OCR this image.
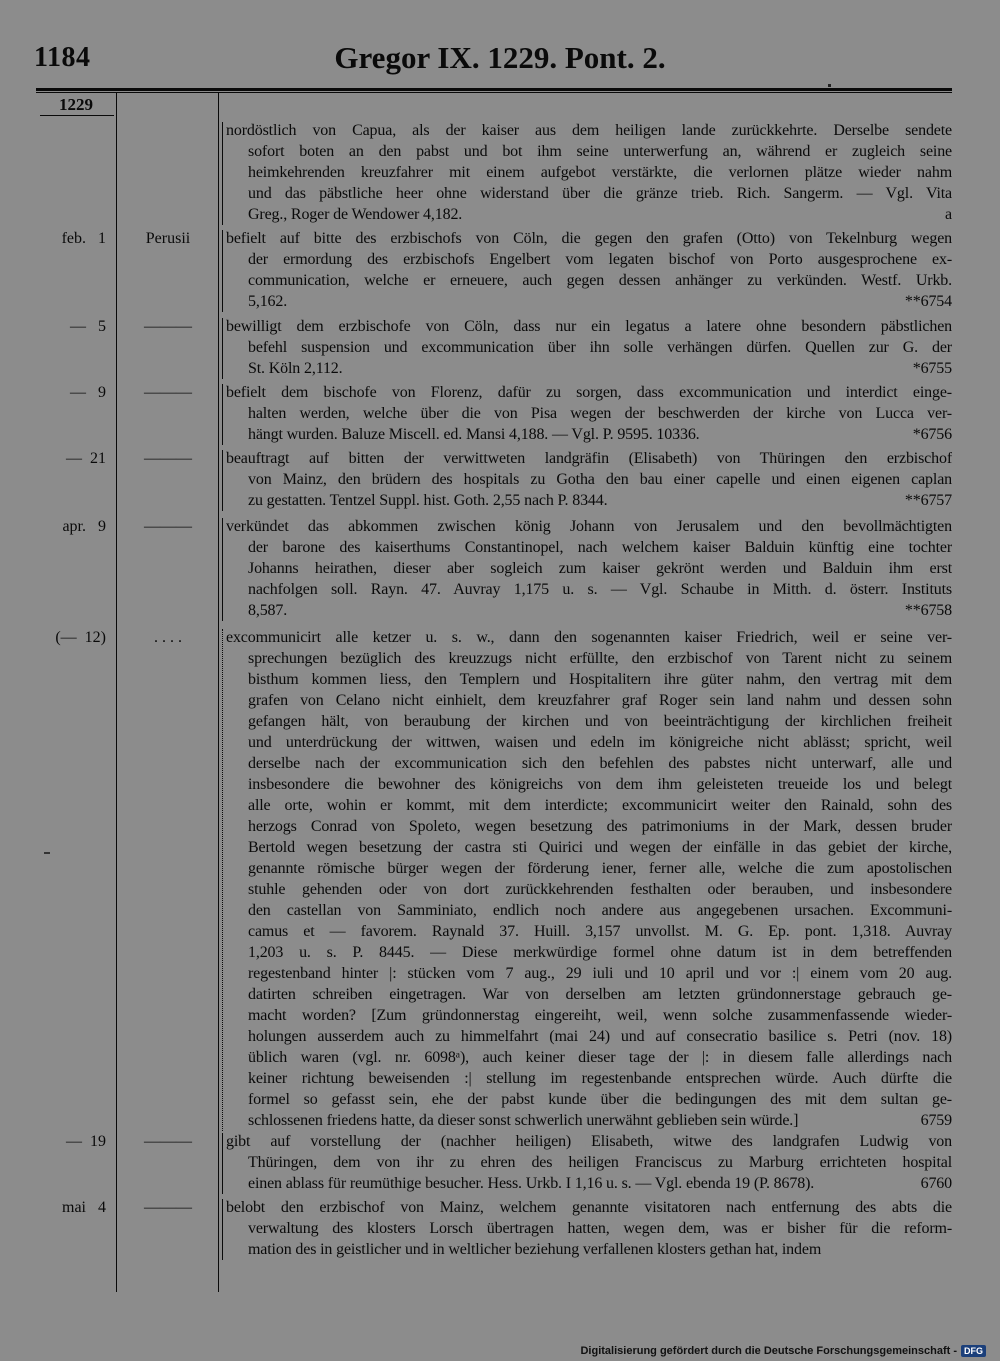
1184	Gregor IX. 1229. Pont. 2.
1229
nordöstlich von Capua, als der kaiser aus dem heiligen lande zurückkehrte. Derselbe sendete
sofort boten an den pabst und bot ihm seine unterwerfung an, während er zugleich seine
heimkehrenden kreuzfahrer mit einem aufgebot verstärkte, die verlornen plätze wieder nahm
und das päbstliche heer ohne widerstand über die gränze trieb. Rich. Sangerm. — Vgl. Vita
a
Greg., Roger de Wendower 4,182.
feb.   1	Perusii	befielt auf bitte des erzbischofs von Cöln, die gegen den grafen (Otto) von Tekelnburg wegen
der ermordung des erzbischofs Engelbert vom legaten bischof von Porto ausgesprochene ex-
communication, welche er erneuere, auch gegen dessen anhänger zu verkünden. Westf. Urkb.
**6754
5,162.
—   5	———	bewilligt dem erzbischofe von Cöln, dass nur ein legatus a latere ohne besondern päbstlichen
befehl suspension und excommunication über ihn solle verhängen dürfen. Quellen zur G. der
*6755
St. Köln 2,112.
—   9	———	befielt dem bischofe von Florenz, dafür zu sorgen, dass excommunication und interdict einge-
halten werden, welche über die von Pisa wegen der beschwerden der kirche von Lucca ver-
*6756
hängt wurden. Baluze Miscell. ed. Mansi 4,188. — Vgl. P. 9595. 10336.
—  21	———	beauftragt auf bitten der verwittweten landgräfin (Elisabeth) von Thüringen den erzbischof
von Mainz, den brüdern des hospitals zu Gotha den bau einer capelle und einen eigenen caplan
**6757
zu gestatten. Tentzel Suppl. hist. Goth. 2,55 nach P. 8344.
apr.   9	———	verkündet das abkommen zwischen könig Johann von Jerusalem und den bevollmächtigten
der barone des kaiserthums Constantinopel, nach welchem kaiser Balduin künftig eine tochter
Johanns heirathen, dieser aber sogleich zum kaiser gekrönt werden und Balduin ihm erst
nachfolgen soll. Rayn. 47. Auvray 1,175 u. s. — Vgl. Schaube in Mitth. d. österr. Instituts
**6758
8,587.
(—  12)	. . . .	excommunicirt alle ketzer u. s. w., dann den sogenannten kaiser Friedrich, weil er seine ver-
sprechungen bezüglich des kreuzzugs nicht erfüllte, den erzbischof von Tarent nicht zu seinem
bisthum kommen liess, den Templern und Hospitalitern ihre güter nahm, den vertrag mit dem
grafen von Celano nicht einhielt, dem kreuzfahrer graf Roger sein land nahm und dessen sohn
gefangen hält, von beraubung der kirchen und von beeinträchtigung der kirchlichen freiheit
und unterdrückung der wittwen, waisen und edeln im königreiche nicht ablässt; spricht, weil
derselbe nach der excommunication sich den befehlen des pabstes nicht unterwarf, alle und
insbesondere die bewohner des königreichs von dem ihm geleisteten treueide los und belegt
alle orte, wohin er kommt, mit dem interdicte; excommunicirt weiter den Rainald, sohn des
herzogs Conrad von Spoleto, wegen besetzung des patrimoniums in der Mark, dessen bruder
Bertold wegen besetzung der castra sti Quirici und wegen der einfälle in das gebiet der kirche,
genannte römische bürger wegen der förderung iener, ferner alle, welche die zum apostolischen
stuhle gehenden oder von dort zurückkehrenden festhalten oder berauben, und insbesondere
den castellan von Samminiato, endlich noch andere aus angegebenen ursachen. Excommuni-
camus et — favorem. Raynald 37. Huill. 3,157 unvollst. M. G. Ep. pont. 1,318. Auvray
1,203 u. s. P. 8445. — Diese merkwürdige formel ohne datum ist in dem betreffenden
regestenband hinter |: stücken vom 7 aug., 29 iuli und 10 april und vor :| einem vom 20 aug.
datirten schreiben eingetragen. War von derselben am letzten gründonnerstage gebrauch ge-
macht worden? [Zum gründonnerstag eingereiht, weil, wenn solche zusammenfassende wieder-
holungen ausserdem auch zu himmelfahrt (mai 24) und auf consecratio basilice s. Petri (nov. 18)
üblich waren (vgl. nr. 6098ᵃ), auch keiner dieser tage der |: in diesem falle allerdings nach
keiner richtung beweisenden :| stellung im regestenbande entsprechen würde. Auch dürfte die
formel so gefasst sein, ehe der pabst kunde über die bedingungen des mit dem sultan ge-
6759
schlossenen friedens hatte, da dieser sonst schwerlich unerwähnt geblieben sein würde.]
—  19	———	gibt auf vorstellung der (nachher heiligen) Elisabeth, witwe des landgrafen Ludwig von
Thüringen, dem von ihr zu ehren des heiligen Franciscus zu Marburg errichteten hospital
6760
einen ablass für reumüthige besucher. Hess. Urkb. I 1,16 u. s. — Vgl. ebenda 19 (P. 8678).
mai   4	———	belobt den erzbischof von Mainz, welchem genannte visitatoren nach entfernung des abts die
verwaltung des klosters Lorsch übertragen hatten, wegen dem, was er bisher für die reform-
mation des in geistlicher und in weltlicher beziehung verfallenen klosters gethan hat, indem
Digitalisierung gefördert durch die Deutsche Forschungsgemeinschaft - DFG
